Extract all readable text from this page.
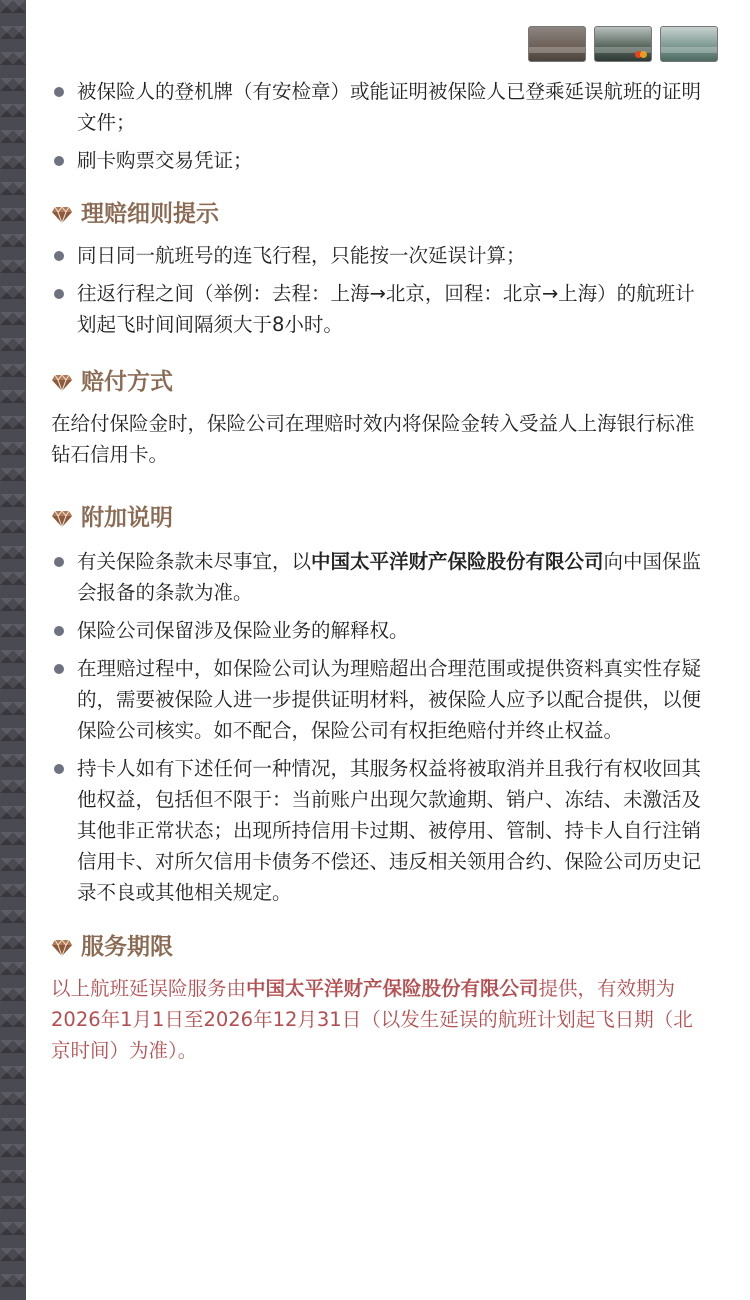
被保险人的登机牌（有安检章）或能证明被保险人已登乘延误航班的证明文件；
刷卡购票交易凭证；
理赔细则提示
同日同一航班号的连飞行程，只能按一次延误计算；
往返行程之间（举例：去程：上海→北京，回程：北京→上海）的航班计划起飞时间间隔须大于8小时。
赔付方式

在给付保险金时，保险公司在理赔时效内将保险金转入受益人上海银行标准钻石信用卡。

附加说明
有关保险条款未尽事宜，以中国太平洋财产保险股份有限公司向中国保监会报备的条款为准。
保险公司保留涉及保险业务的解释权。
在理赔过程中，如保险公司认为理赔超出合理范围或提供资料真实性存疑的，需要被保险人进一步提供证明材料，被保险人应予以配合提供，以便保险公司核实。如不配合，保险公司有权拒绝赔付并终止权益。
持卡人如有下述任何一种情况，其服务权益将被取消并且我行有权收回其他权益，包括但不限于：当前账户出现欠款逾期、销户、冻结、未激活及其他非正常状态；出现所持信用卡过期、被停用、管制、持卡人自行注销信用卡、对所欠信用卡债务不偿还、违反相关领用合约、保险公司历史记录不良或其他相关规定。
服务期限

以上航班延误险服务由中国太平洋财产保险股份有限公司提供，有效期为2026年1月1日至2026年12月31日（以发生延误的航班计划起飞日期（北京时间）为准）。
